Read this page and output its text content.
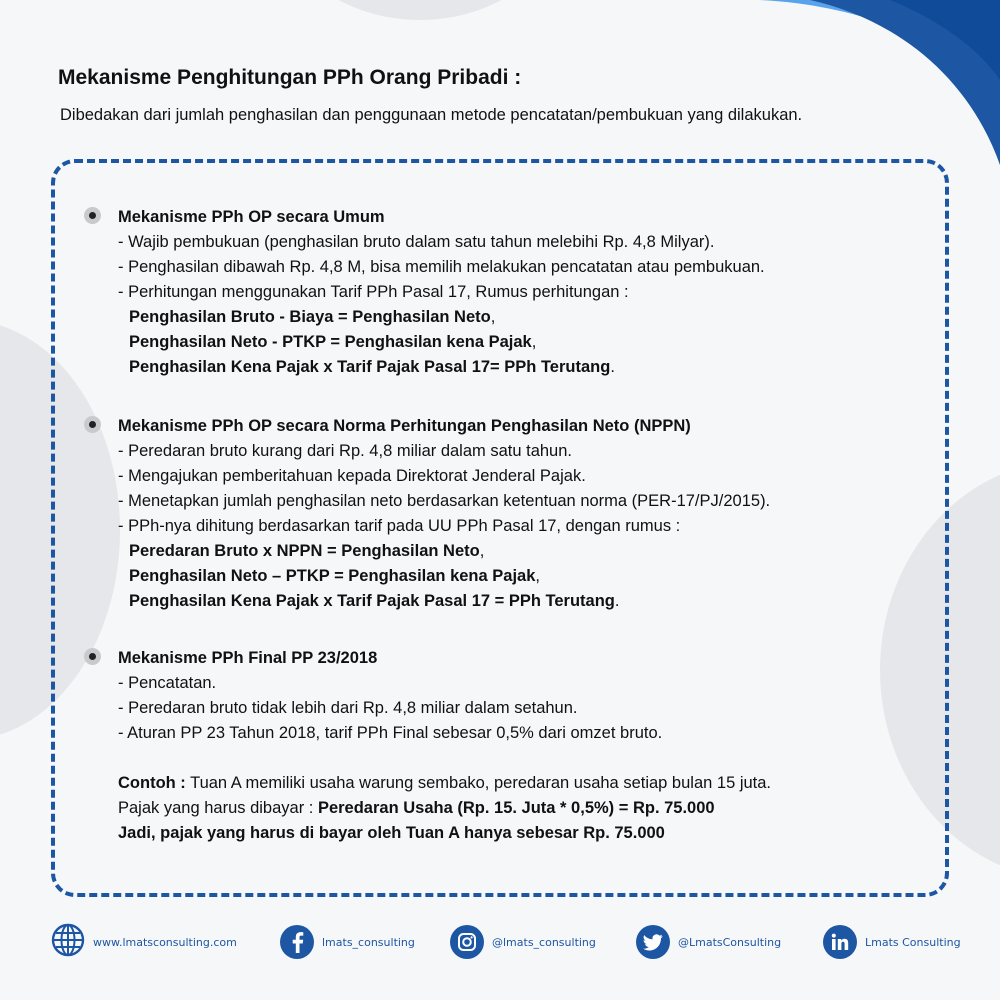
Mekanisme Penghitungan PPh Orang Pribadi :
Dibedakan dari jumlah penghasilan dan penggunaan metode pencatatan/pembukuan yang dilakukan.
Mekanisme PPh OP secara Umum
- Wajib pembukuan (penghasilan bruto dalam satu tahun melebihi Rp. 4,8 Milyar).
- Penghasilan dibawah Rp. 4,8 M, bisa memilih melakukan pencatatan atau pembukuan.
- Perhitungan menggunakan Tarif PPh Pasal 17, Rumus perhitungan :
Penghasilan Bruto - Biaya = Penghasilan Neto,
Penghasilan Neto - PTKP = Penghasilan kena Pajak,
Penghasilan Kena Pajak x Tarif Pajak Pasal 17= PPh Terutang.
Mekanisme PPh OP secara Norma Perhitungan Penghasilan Neto (NPPN)
- Peredaran bruto kurang dari Rp. 4,8 miliar dalam satu tahun.
- Mengajukan pemberitahuan kepada Direktorat Jenderal Pajak.
- Menetapkan jumlah penghasilan neto berdasarkan ketentuan norma (PER-17/PJ/2015).
- PPh-nya dihitung berdasarkan tarif pada UU PPh Pasal 17, dengan rumus :
Peredaran Bruto x NPPN = Penghasilan Neto,
Penghasilan Neto – PTKP = Penghasilan kena Pajak,
Penghasilan Kena Pajak x Tarif Pajak Pasal 17 = PPh Terutang.
Mekanisme PPh Final PP 23/2018
- Pencatatan.
- Peredaran bruto tidak lebih dari Rp. 4,8 miliar dalam setahun.
- Aturan PP 23 Tahun 2018, tarif PPh Final sebesar 0,5% dari omzet bruto.
Contoh : Tuan A memiliki usaha warung sembako, peredaran usaha setiap bulan 15 juta.
Pajak yang harus dibayar : Peredaran Usaha (Rp. 15. Juta * 0,5%) = Rp. 75.000
Jadi, pajak yang harus di bayar oleh Tuan A hanya sebesar Rp. 75.000
www.lmatsconsulting.com	lmats_consulting	@lmats_consulting	@LmatsConsulting	Lmats Consulting
